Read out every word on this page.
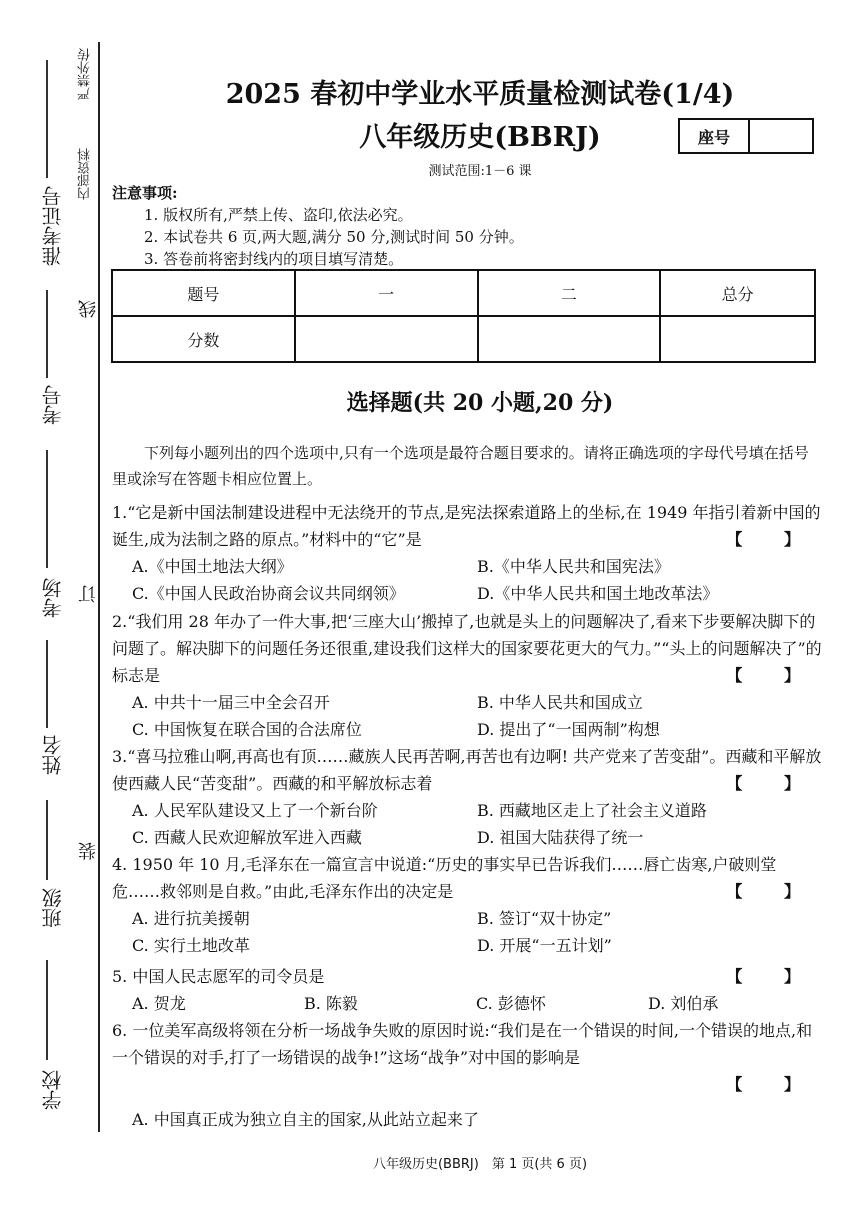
严禁外传
内部资料
准考证号
线
考号
考场 订
姓名
装
班级
学校
2025 春初中学业水平质量检测试卷(1/4)
八年级历史(BBRJ)	座号
测试范围:1－6 课
注意事项:
1. 版权所有,严禁上传、盗印,依法必究。
2. 本试卷共 6 页,两大题,满分 50 分,测试时间 50 分钟。
3. 答卷前将密封线内的项目填写清楚。
题号	一	二	总分
分数			
选择题(共 20 小题,20 分)
下列每小题列出的四个选项中,只有一个选项是最符合题目要求的。请将正确选项的字母代号填在括号里或涂写在答题卡相应位置上。
1.“它是新中国法制建设进程中无法绕开的节点,是宪法探索道路上的坐标,在 1949 年指引着新中国的诞生,成为法制之路的原点。”材料中的“它”是	【 】
A.《中国土地法大纲》	B.《中华人民共和国宪法》
C.《中国人民政治协商会议共同纲领》	D.《中华人民共和国土地改革法》
2.“我们用 28 年办了一件大事,把‘三座大山’搬掉了,也就是头上的问题解决了,看来下步要解决脚下的问题了。解决脚下的问题任务还很重,建设我们这样大的国家要花更大的气力。”“头上的问题解决了”的标志是	【 】
A. 中共十一届三中全会召开	B. 中华人民共和国成立
C. 中国恢复在联合国的合法席位	D. 提出了“一国两制”构想
3.“喜马拉雅山啊,再高也有顶……藏族人民再苦啊,再苦也有边啊! 共产党来了苦变甜”。西藏和平解放使西藏人民“苦变甜”。西藏的和平解放标志着	【 】
A. 人民军队建设又上了一个新台阶	B. 西藏地区走上了社会主义道路
C. 西藏人民欢迎解放军进入西藏	D. 祖国大陆获得了统一
4. 1950 年 10 月,毛泽东在一篇宣言中说道:“历史的事实早已告诉我们……唇亡齿寒,户破则堂危……救邻则是自救。”由此,毛泽东作出的决定是	【 】
A. 进行抗美援朝	B. 签订“双十协定”
C. 实行土地改革	D. 开展“一五计划”
5. 中国人民志愿军的司令员是	【 】
A. 贺龙	B. 陈毅	C. 彭德怀	D. 刘伯承
6. 一位美军高级将领在分析一场战争失败的原因时说:“我们是在一个错误的时间,一个错误的地点,和一个错误的对手,打了一场错误的战争!”这场“战争”对中国的影响是
【 】
A. 中国真正成为独立自主的国家,从此站立起来了
八年级历史(BBRJ)　第 1 页(共 6 页)
